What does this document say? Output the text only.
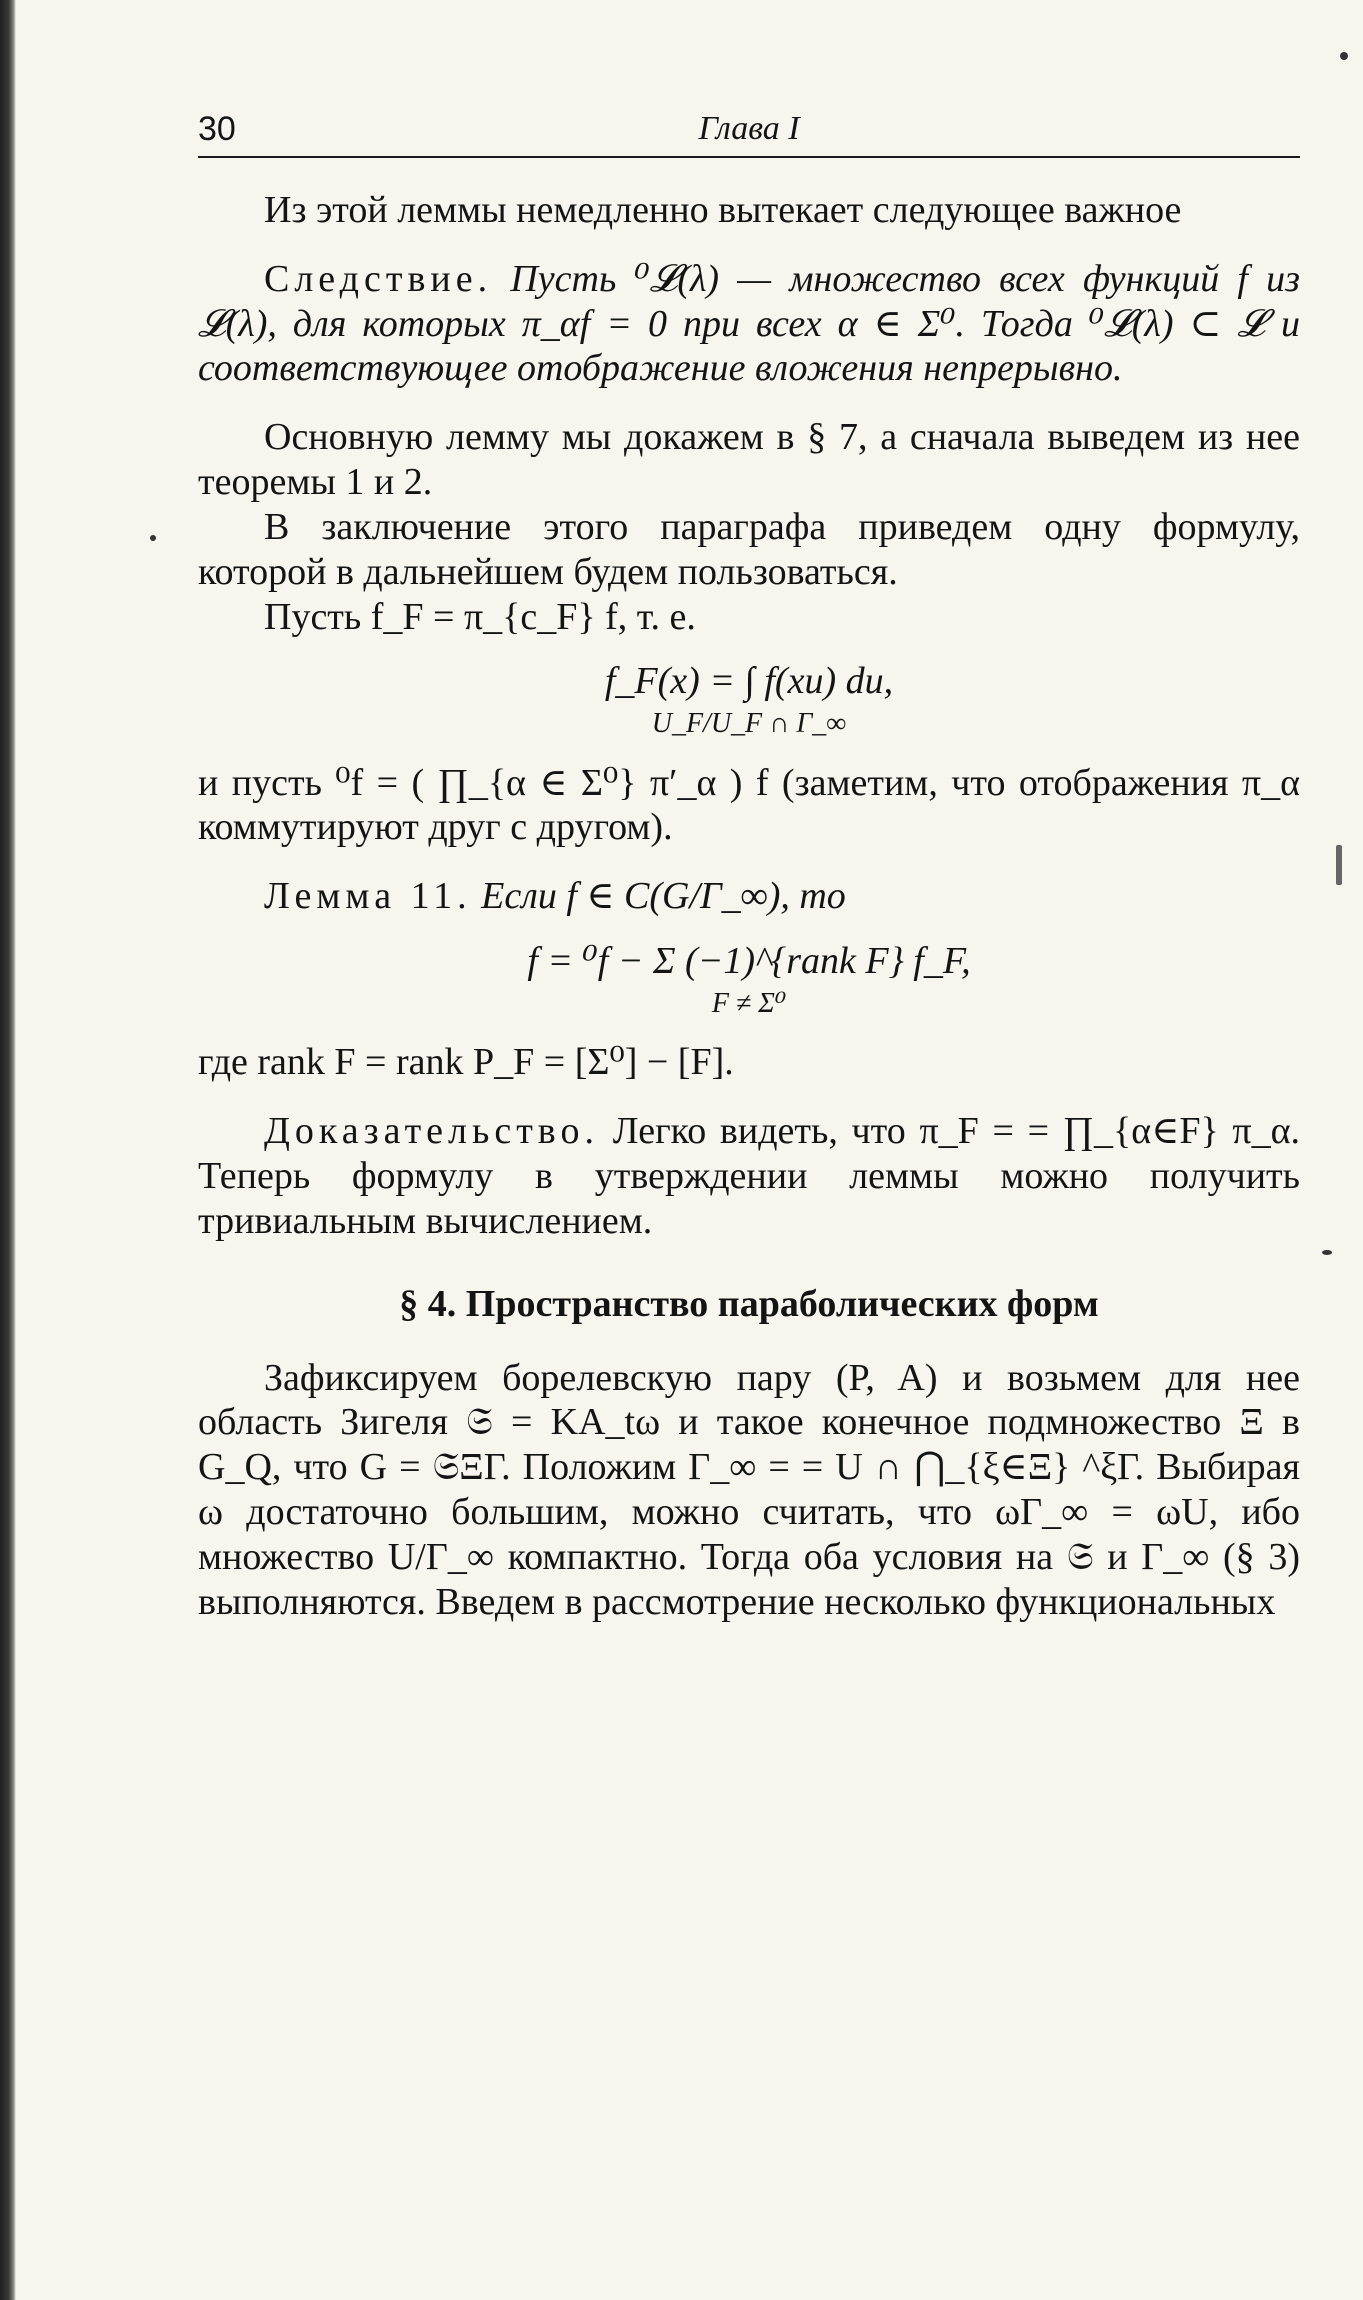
30	Глава I

Из этой леммы немедленно вытекает следующее важное

Следствие. Пусть ⁰𝓛(λ) — множество всех функций f из 𝓛(λ), для которых π_αf = 0 при всех α ∈ Σ⁰. Тогда ⁰𝓛(λ) ⊂ 𝓛 и соответствующее отображение вложения непрерывно.

Основную лемму мы докажем в § 7, а сначала выведем из нее теоремы 1 и 2.

В заключение этого параграфа приведем одну формулу, которой в дальнейшем будем пользоваться.

Пусть f_F = π_{c_F} f, т. е.

f_F(x) = ∫ f(xu) du,
U_F/U_F ∩ Γ_∞

и пусть ⁰f = ( ∏_{α ∈ Σ⁰} π′_α ) f (заметим, что отображения π_α коммутируют друг с другом).

Лемма 11. Если f ∈ C(G/Γ_∞), то

f = ⁰f − Σ (−1)^{rank F} f_F,
F ≠ Σ⁰

где rank F = rank P_F = [Σ⁰] − [F].

Доказательство. Легко видеть, что π_F = = ∏_{α∈F} π_α. Теперь формулу в утверждении леммы можно получить тривиальным вычислением.

§ 4. Пространство параболических форм

Зафиксируем борелевскую пару (P, A) и возьмем для нее область Зигеля 𝔖 = KA_tω и такое конечное подмножество Ξ в G_Q, что G = 𝔖ΞΓ. Положим Γ_∞ = = U ∩ ⋂_{ξ∈Ξ} ^ξΓ. Выбирая ω достаточно большим, можно считать, что ωΓ_∞ = ωU, ибо множество U/Γ_∞ компактно. Тогда оба условия на 𝔖 и Γ_∞ (§ 3) выполняются. Введем в рассмотрение несколько функциональных
